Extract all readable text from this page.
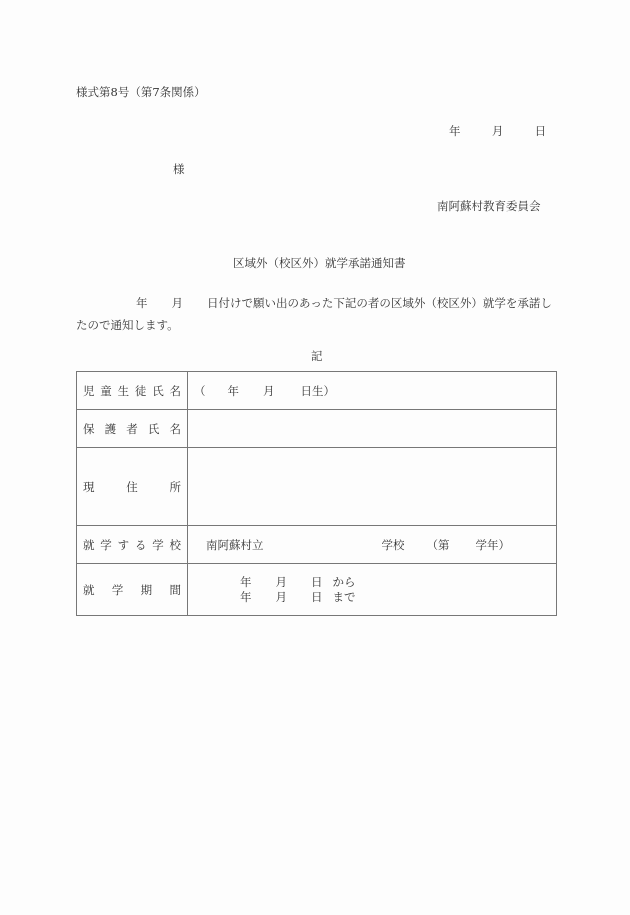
様式第8号（第7条関係）
年	月	日
様
南阿蘇村教育委員会
区域外（校区外）就学承諾通知書
年 月 日付けで願い出のあった下記の者の区域外（校区外）就学を承諾したので通知します。
記
児童生徒氏名	（ 年 月 日生）
保護者氏名	
現住所	
就学する学校	南阿蘇村立 学校 （第 学年）
就学期間	年 月 日 から
年 月 日 まで
